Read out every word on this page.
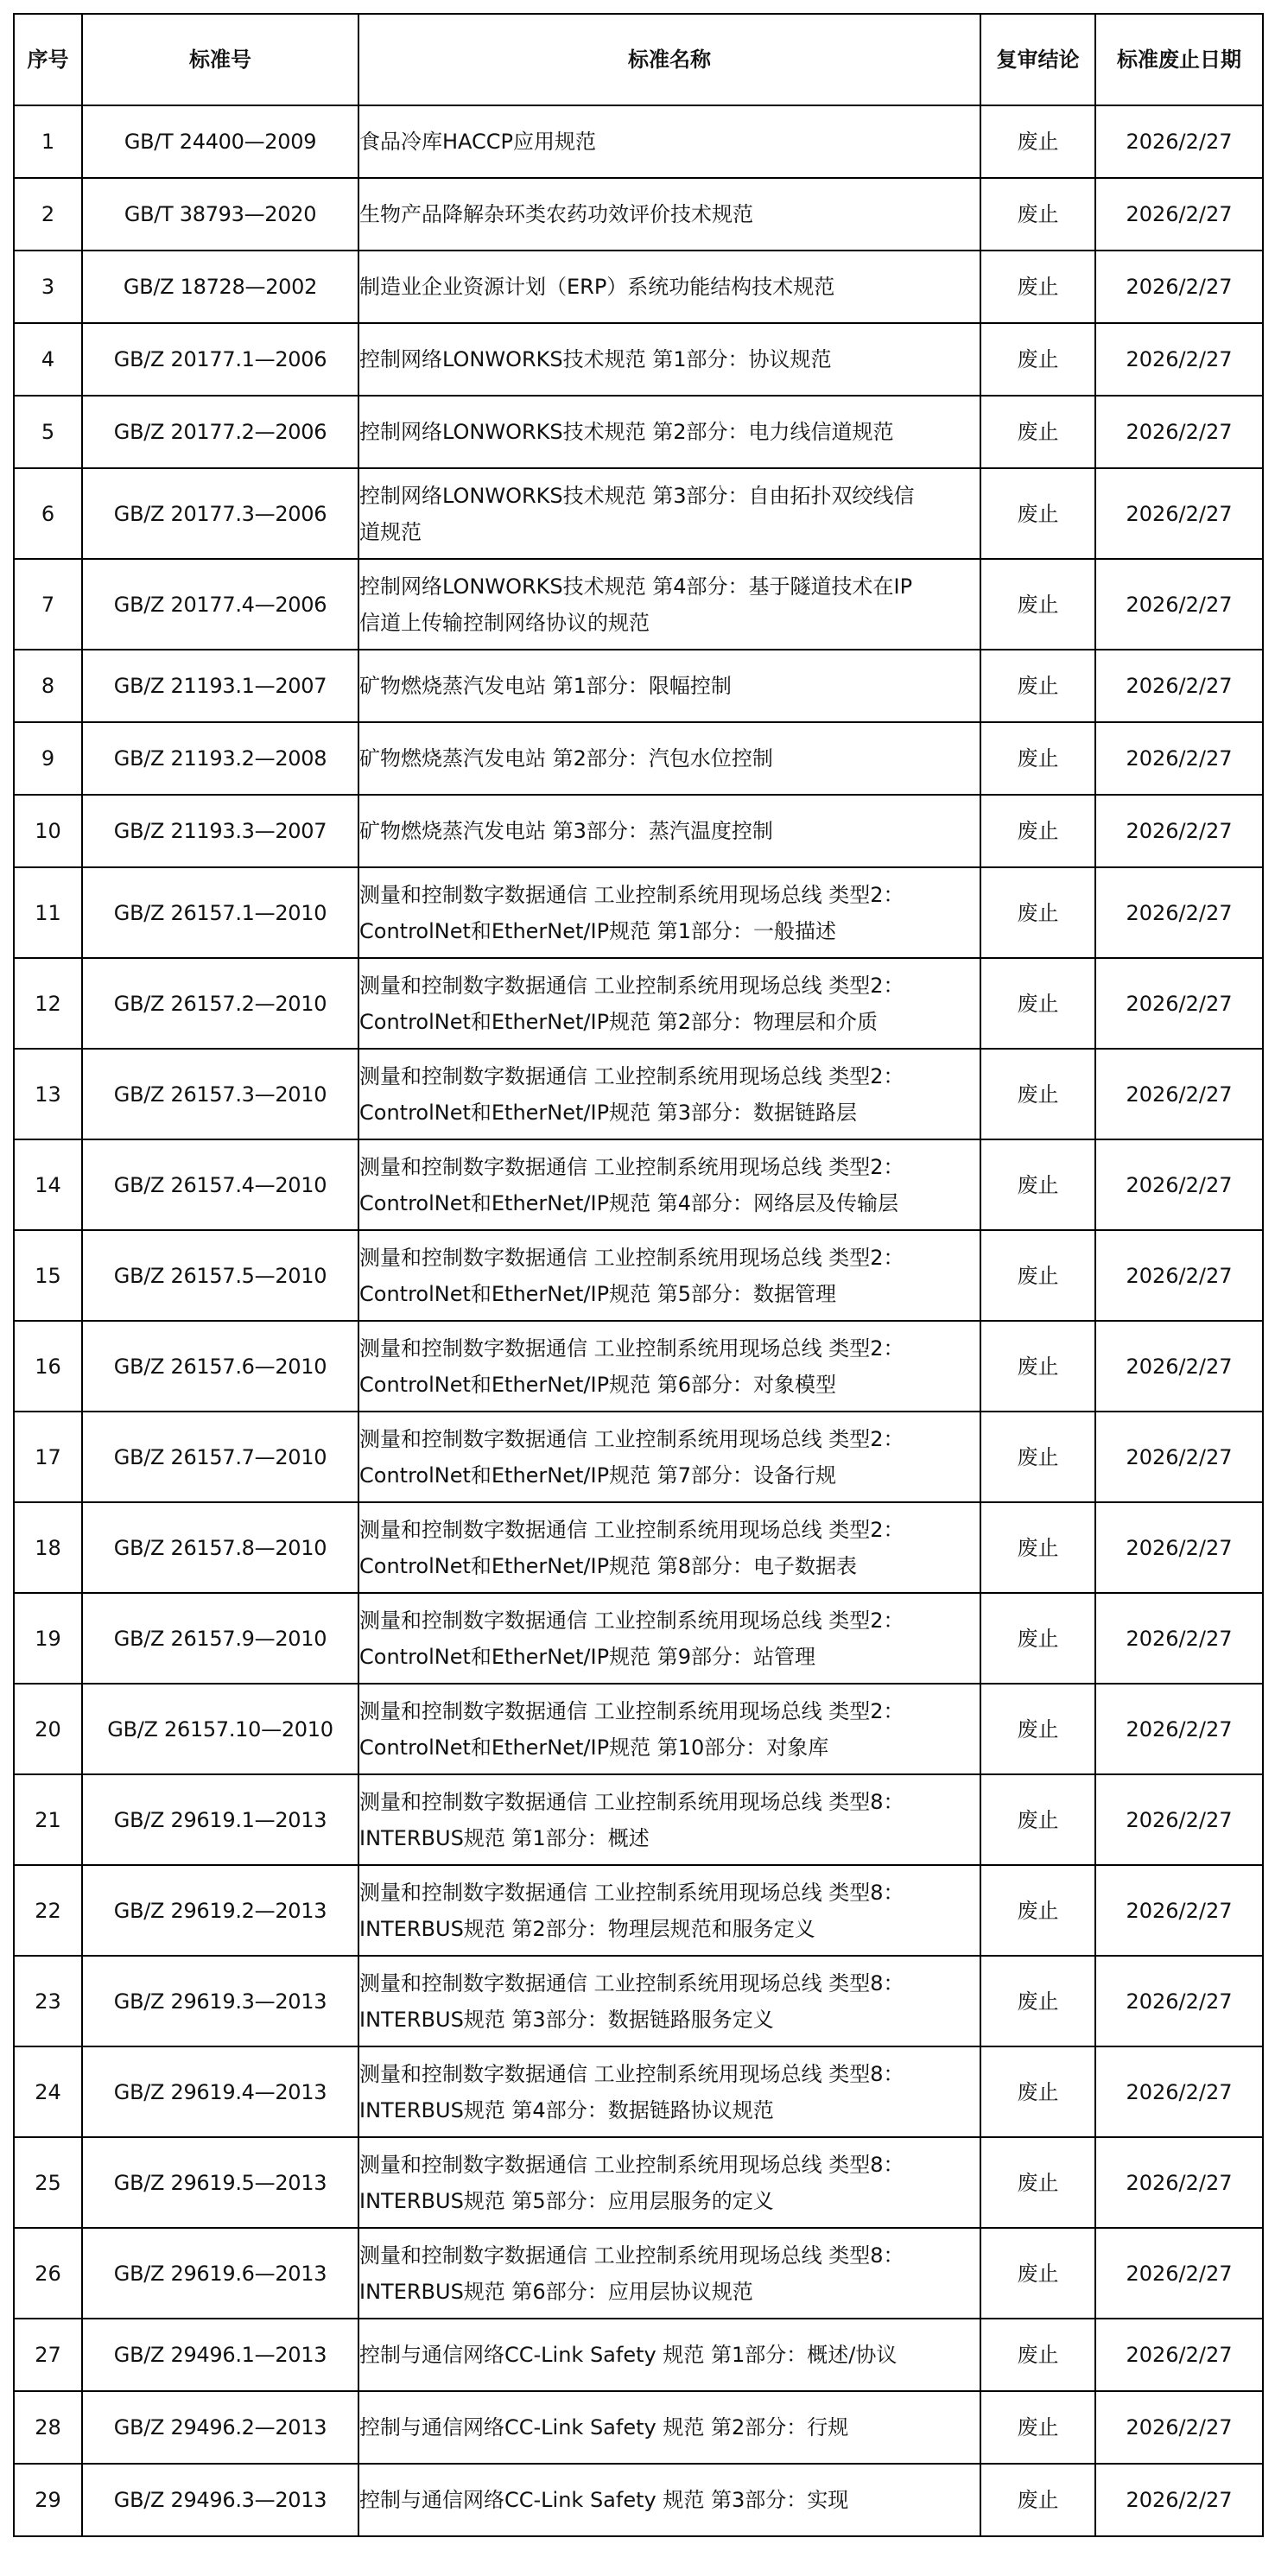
序号	标准号	标准名称	复审结论	标准废止日期
1	GB/T 24400—2009	食品冷库HACCP应用规范	废止	2026/2/27
2	GB/T 38793—2020	生物产品降解杂环类农药功效评价技术规范	废止	2026/2/27
3	GB/Z 18728—2002	制造业企业资源计划（ERP）系统功能结构技术规范	废止	2026/2/27
4	GB/Z 20177.1—2006	控制网络LONWORKS技术规范 第1部分：协议规范	废止	2026/2/27
5	GB/Z 20177.2—2006	控制网络LONWORKS技术规范 第2部分：电力线信道规范	废止	2026/2/27
6	GB/Z 20177.3—2006	控制网络LONWORKS技术规范 第3部分：自由拓扑双绞线信
道规范	废止	2026/2/27
7	GB/Z 20177.4—2006	控制网络LONWORKS技术规范 第4部分：基于隧道技术在IP
信道上传输控制网络协议的规范	废止	2026/2/27
8	GB/Z 21193.1—2007	矿物燃烧蒸汽发电站 第1部分：限幅控制	废止	2026/2/27
9	GB/Z 21193.2—2008	矿物燃烧蒸汽发电站 第2部分：汽包水位控制	废止	2026/2/27
10	GB/Z 21193.3—2007	矿物燃烧蒸汽发电站 第3部分：蒸汽温度控制	废止	2026/2/27
11	GB/Z 26157.1—2010	测量和控制数字数据通信 工业控制系统用现场总线 类型2：
ControlNet和EtherNet/IP规范 第1部分：一般描述	废止	2026/2/27
12	GB/Z 26157.2—2010	测量和控制数字数据通信 工业控制系统用现场总线 类型2：
ControlNet和EtherNet/IP规范 第2部分：物理层和介质	废止	2026/2/27
13	GB/Z 26157.3—2010	测量和控制数字数据通信 工业控制系统用现场总线 类型2：
ControlNet和EtherNet/IP规范 第3部分：数据链路层	废止	2026/2/27
14	GB/Z 26157.4—2010	测量和控制数字数据通信 工业控制系统用现场总线 类型2：
ControlNet和EtherNet/IP规范 第4部分：网络层及传输层	废止	2026/2/27
15	GB/Z 26157.5—2010	测量和控制数字数据通信 工业控制系统用现场总线 类型2：
ControlNet和EtherNet/IP规范 第5部分：数据管理	废止	2026/2/27
16	GB/Z 26157.6—2010	测量和控制数字数据通信 工业控制系统用现场总线 类型2：
ControlNet和EtherNet/IP规范 第6部分：对象模型	废止	2026/2/27
17	GB/Z 26157.7—2010	测量和控制数字数据通信 工业控制系统用现场总线 类型2：
ControlNet和EtherNet/IP规范 第7部分：设备行规	废止	2026/2/27
18	GB/Z 26157.8—2010	测量和控制数字数据通信 工业控制系统用现场总线 类型2：
ControlNet和EtherNet/IP规范 第8部分：电子数据表	废止	2026/2/27
19	GB/Z 26157.9—2010	测量和控制数字数据通信 工业控制系统用现场总线 类型2：
ControlNet和EtherNet/IP规范 第9部分：站管理	废止	2026/2/27
20	GB/Z 26157.10—2010	测量和控制数字数据通信 工业控制系统用现场总线 类型2：
ControlNet和EtherNet/IP规范 第10部分：对象库	废止	2026/2/27
21	GB/Z 29619.1—2013	测量和控制数字数据通信 工业控制系统用现场总线 类型8：
INTERBUS规范 第1部分：概述	废止	2026/2/27
22	GB/Z 29619.2—2013	测量和控制数字数据通信 工业控制系统用现场总线 类型8：
INTERBUS规范 第2部分：物理层规范和服务定义	废止	2026/2/27
23	GB/Z 29619.3—2013	测量和控制数字数据通信 工业控制系统用现场总线 类型8：
INTERBUS规范 第3部分：数据链路服务定义	废止	2026/2/27
24	GB/Z 29619.4—2013	测量和控制数字数据通信 工业控制系统用现场总线 类型8：
INTERBUS规范 第4部分：数据链路协议规范	废止	2026/2/27
25	GB/Z 29619.5—2013	测量和控制数字数据通信 工业控制系统用现场总线 类型8：
INTERBUS规范 第5部分：应用层服务的定义	废止	2026/2/27
26	GB/Z 29619.6—2013	测量和控制数字数据通信 工业控制系统用现场总线 类型8：
INTERBUS规范 第6部分：应用层协议规范	废止	2026/2/27
27	GB/Z 29496.1—2013	控制与通信网络CC-Link Safety 规范 第1部分：概述/协议	废止	2026/2/27
28	GB/Z 29496.2—2013	控制与通信网络CC-Link Safety 规范 第2部分：行规	废止	2026/2/27
29	GB/Z 29496.3—2013	控制与通信网络CC-Link Safety 规范 第3部分：实现	废止	2026/2/27
